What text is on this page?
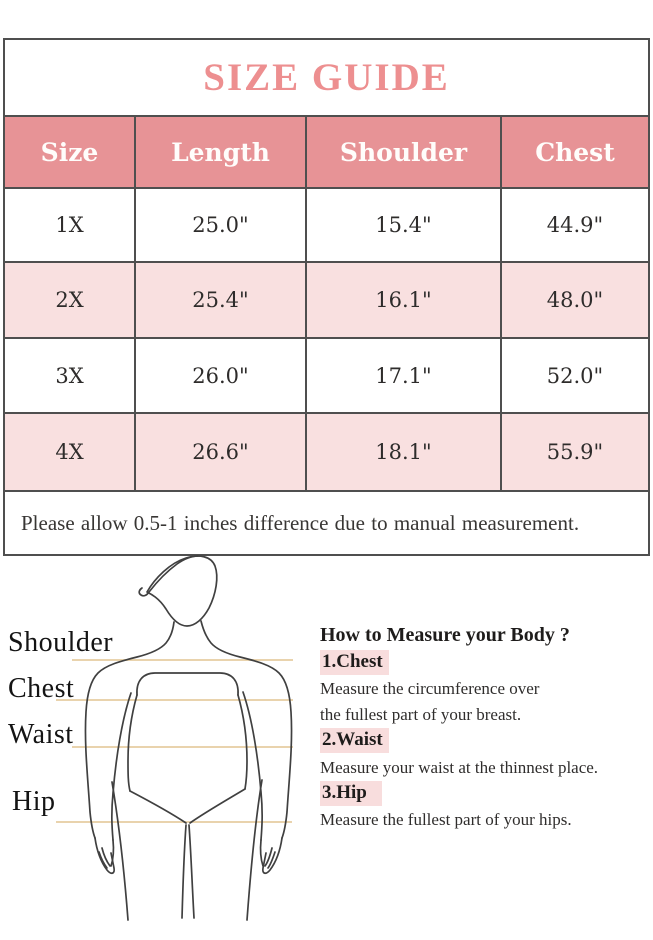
SIZE GUIDE
Size	Length	Shoulder	Chest
1X	25.0"	15.4"	44.9"
2X	25.4"	16.1"	48.0"
3X	26.0"	17.1"	52.0"
4X	26.6"	18.1"	55.9"
Please allow 0.5-1 inches difference due to manual measurement.
Shoulder
Chest
Waist
Hip
How to Measure your Body ?
1.Chest
Measure the circumference over
the fullest part of your breast.
2.Waist
Measure your waist at the thinnest place.
3.Hip
Measure the fullest part of your hips.
